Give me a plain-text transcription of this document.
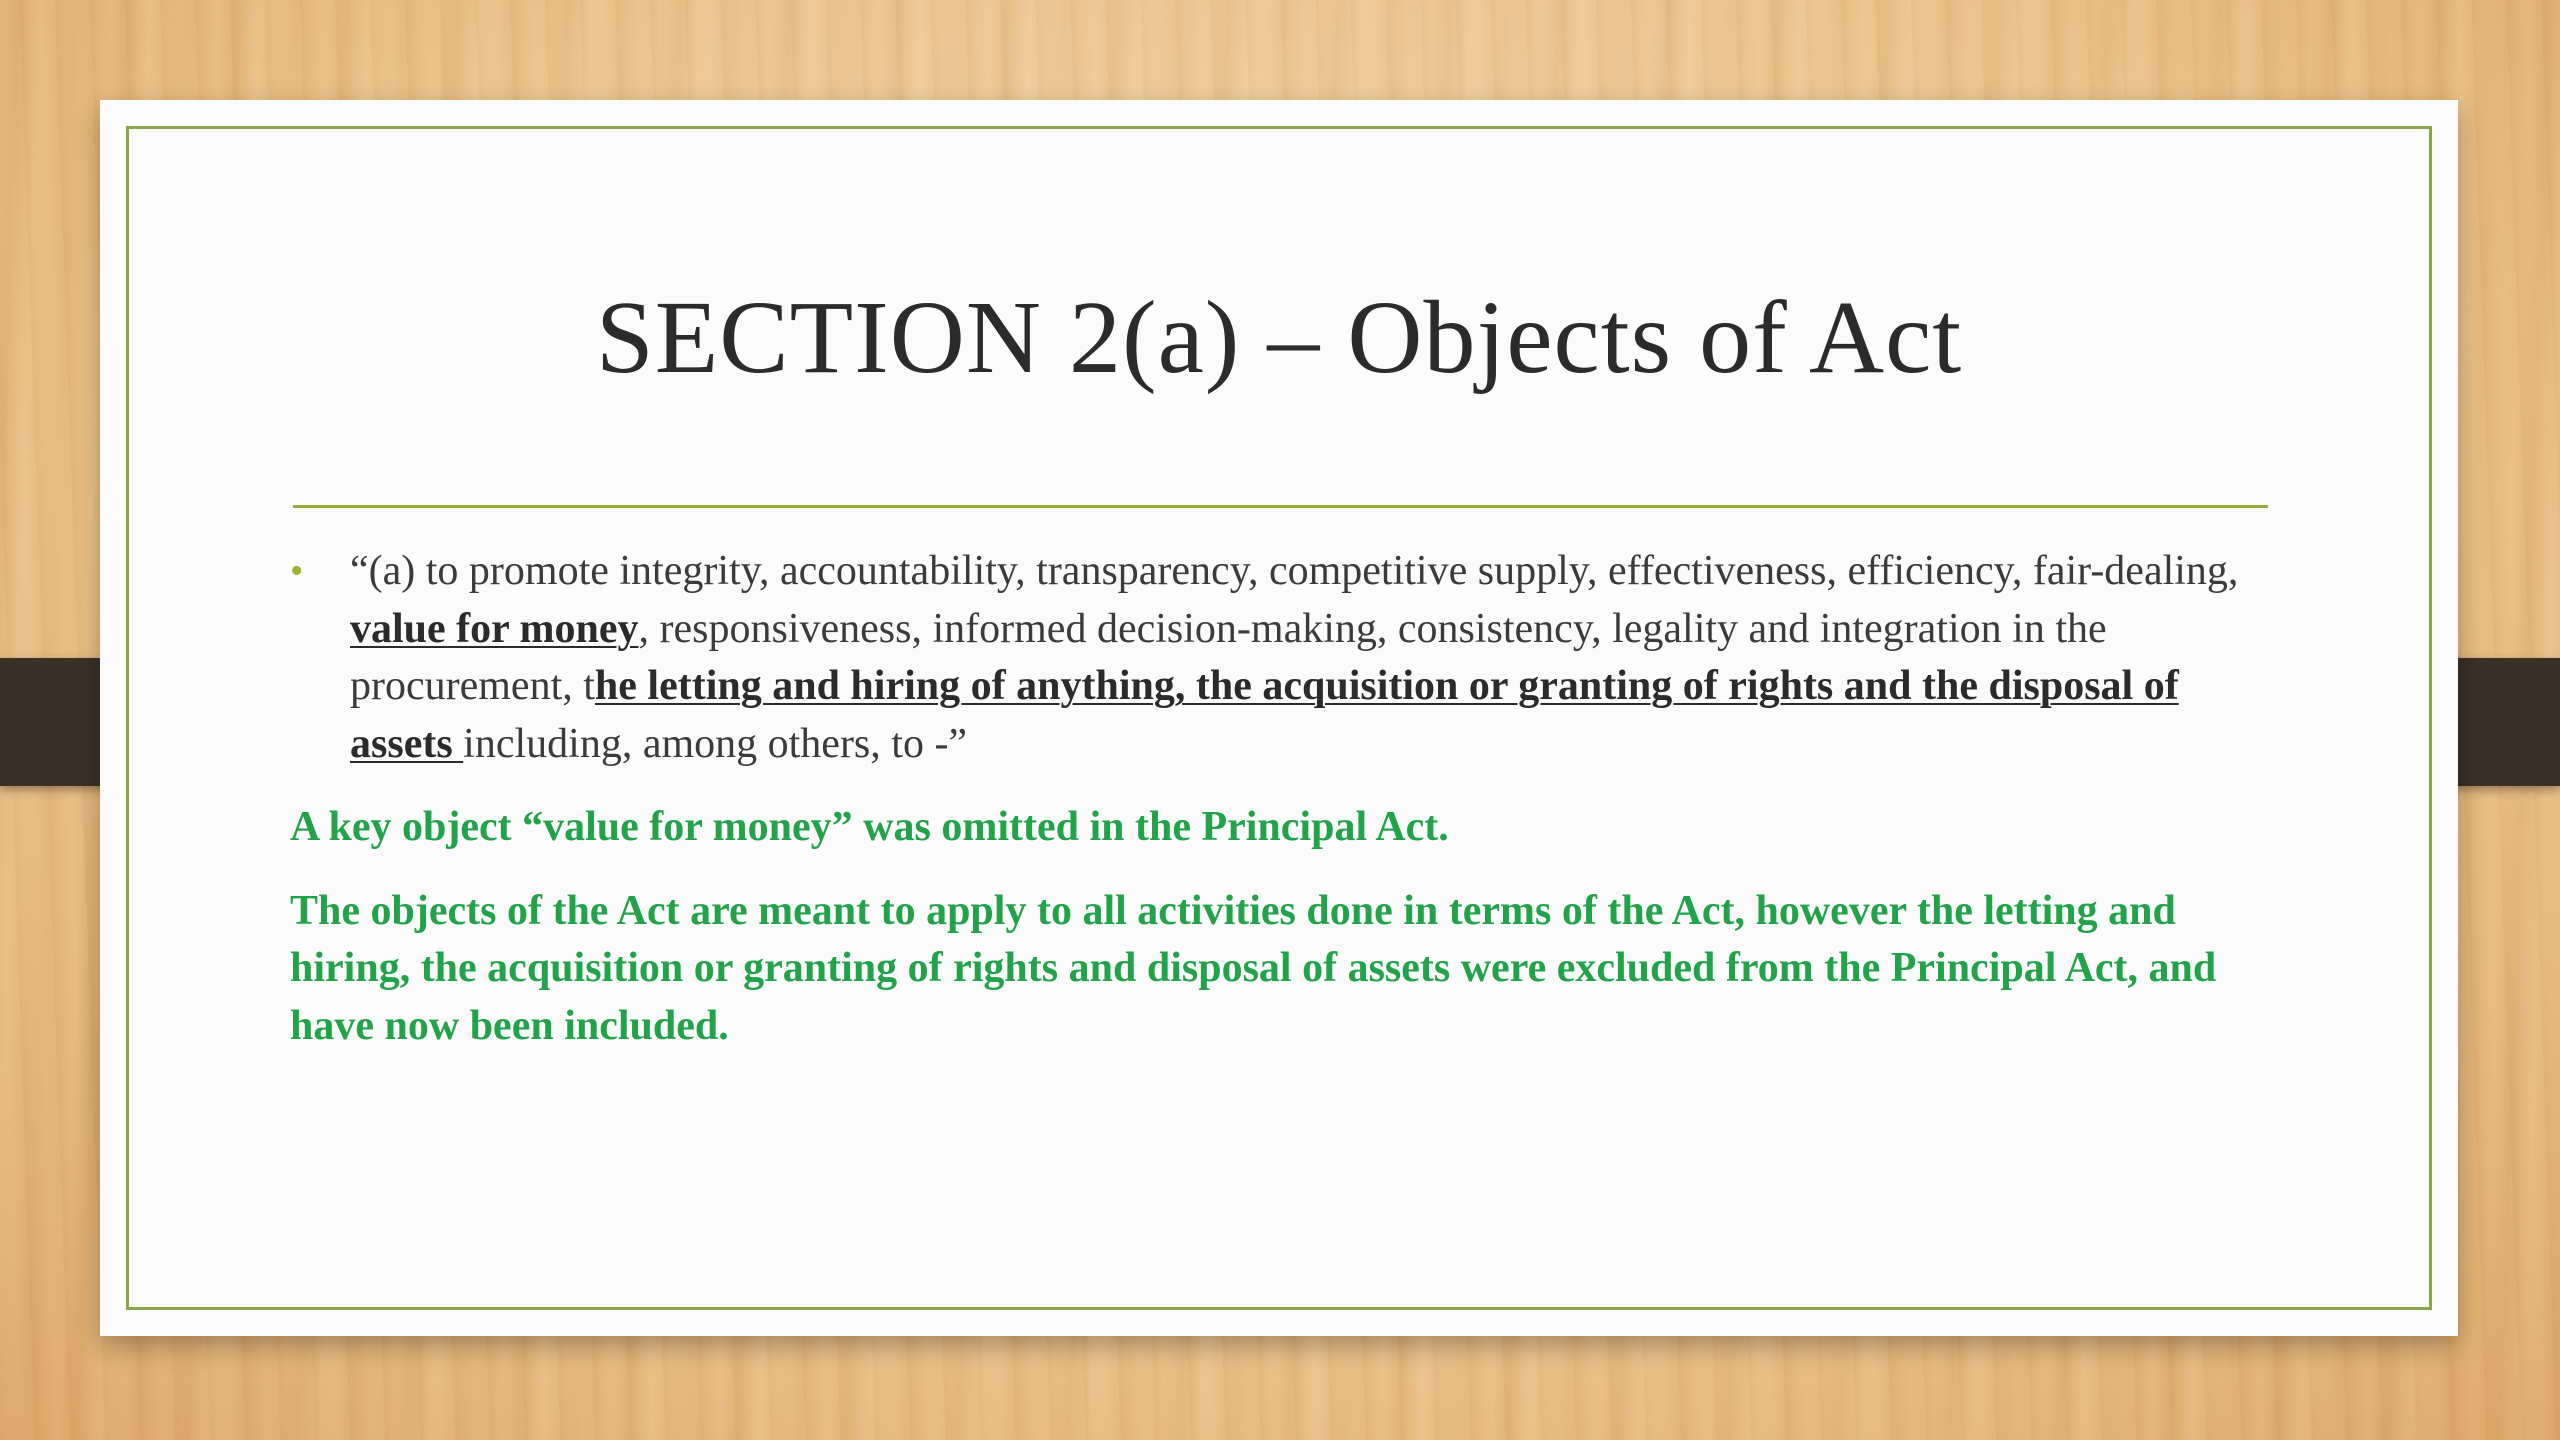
SECTION 2(a) – Objects of Act
•	“(a) to promote integrity, accountability, transparency, competitive supply, effectiveness, efficiency, fair-dealing, value for money, responsiveness, informed decision-making, consistency, legality and integration in the procurement, the letting and hiring of anything, the acquisition or granting of rights and the disposal of assets including, among others, to -”
A key object “value for money” was omitted in the Principal Act.
The objects of the Act are meant to apply to all activities done in terms of the Act, however the letting and hiring, the acquisition or granting of rights and disposal of assets were excluded from the Principal Act, and have now been included.
